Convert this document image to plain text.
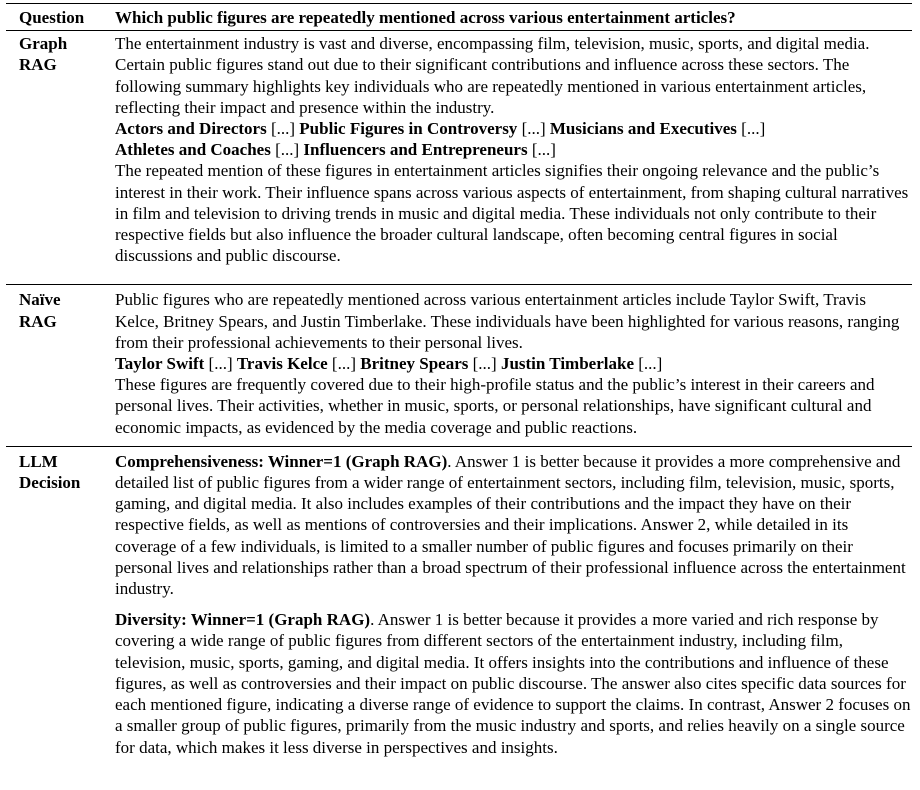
Question	Which public figures are repeatedly mentioned across various entertainment articles?
Graph
RAG

The entertainment industry is vast and diverse, encompassing film, television, music, sports, and digital media. Certain public figures stand out due to their significant contributions and influence across these sectors. The following summary highlights key individuals who are repeatedly mentioned in various entertainment articles, reflecting their impact and presence within the industry.

Actors and Directors [...] Public Figures in Controversy [...] Musicians and Executives [...]
Athletes and Coaches [...] Influencers and Entrepreneurs [...]

The repeated mention of these figures in entertainment articles signifies their ongoing relevance and the public’s interest in their work. Their influence spans across various aspects of entertainment, from shaping cultural narratives in film and television to driving trends in music and digital media. These individuals not only contribute to their respective fields but also influence the broader cultural landscape, often becoming central figures in social discussions and public discourse.

Naïve
RAG

Public figures who are repeatedly mentioned across various entertainment articles include Taylor Swift, Travis Kelce, Britney Spears, and Justin Timberlake. These individuals have been highlighted for various reasons, ranging from their professional achievements to their personal lives.

Taylor Swift [...] Travis Kelce [...] Britney Spears [...] Justin Timberlake [...]

These figures are frequently covered due to their high-profile status and the public’s interest in their careers and personal lives. Their activities, whether in music, sports, or personal relationships, have significant cultural and economic impacts, as evidenced by the media coverage and public reactions.

LLM
Decision

Comprehensiveness: Winner=1 (Graph RAG). Answer 1 is better because it provides a more comprehensive and detailed list of public figures from a wider range of entertainment sectors, including film, television, music, sports, gaming, and digital media. It also includes examples of their contributions and the impact they have on their respective fields, as well as mentions of controversies and their implications. Answer 2, while detailed in its coverage of a few individuals, is limited to a smaller number of public figures and focuses primarily on their personal lives and relationships rather than a broad spectrum of their professional influence across the entertainment industry.

Diversity: Winner=1 (Graph RAG). Answer 1 is better because it provides a more varied and rich response by covering a wide range of public figures from different sectors of the entertainment industry, including film, television, music, sports, gaming, and digital media. It offers insights into the contributions and influence of these figures, as well as controversies and their impact on public discourse. The answer also cites specific data sources for each mentioned figure, indicating a diverse range of evidence to support the claims. In contrast, Answer 2 focuses on a smaller group of public figures, primarily from the music industry and sports, and relies heavily on a single source for data, which makes it less diverse in perspectives and insights.
